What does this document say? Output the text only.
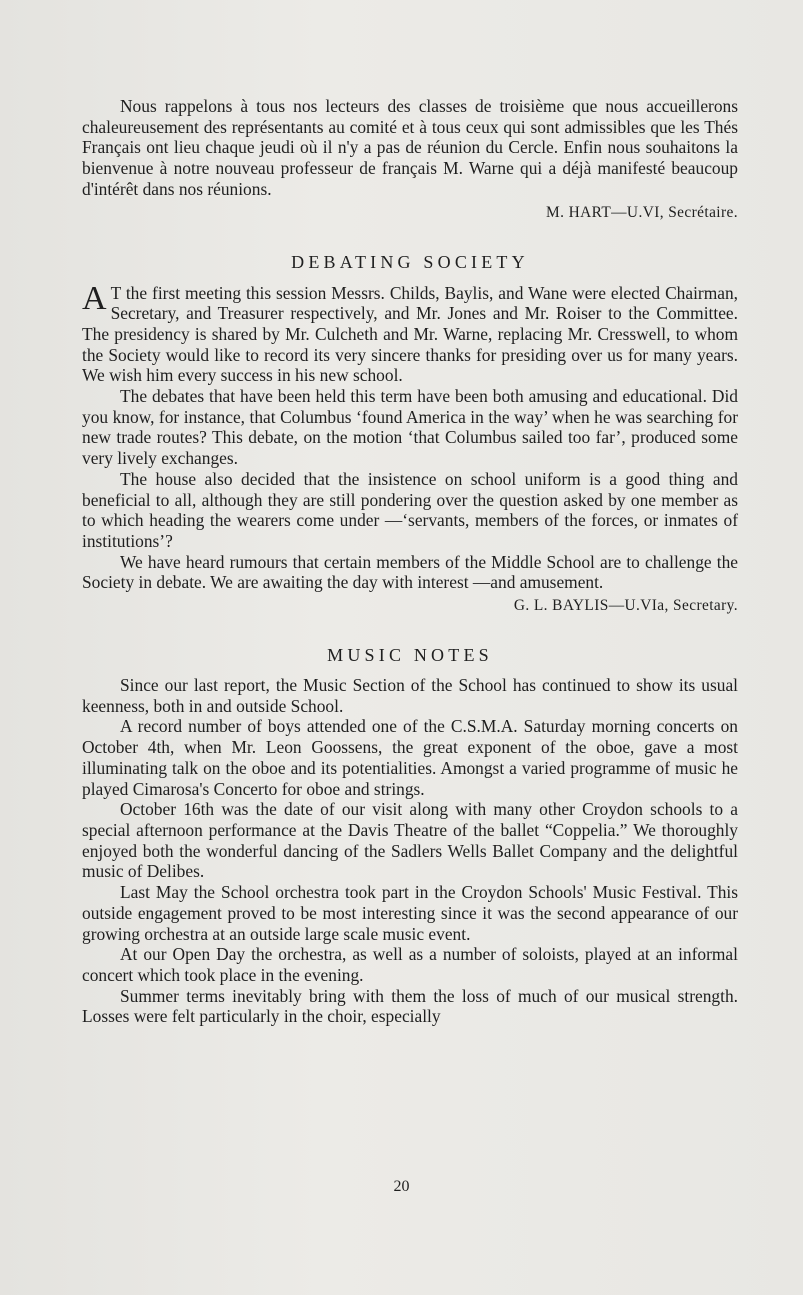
Nous rappelons à tous nos lecteurs des classes de troisième que nous accueillerons chaleureusement des représentants au comité et à tous ceux qui sont admissibles que les Thés Français ont lieu chaque jeudi où il n'y a pas de réunion du Cercle. Enfin nous souhaitons la bienvenue à notre nouveau professeur de français M. Warne qui a déjà manifesté beaucoup d'intérêt dans nos réunions.

M. HART—U.VI, Secrétaire.
DEBATING SOCIETY

A T the first meeting this session Messrs. Childs, Baylis, and Wane were elected Chairman, Secretary, and Treasurer respectively, and Mr. Jones and Mr. Roiser to the Committee. The presidency is shared by Mr. Culcheth and Mr. Warne, replacing Mr. Cresswell, to whom the Society would like to record its very sincere thanks for presiding over us for many years. We wish him every success in his new school.

The debates that have been held this term have been both amusing and educational. Did you know, for instance, that Columbus ‘found America in the way’ when he was searching for new trade routes? This debate, on the motion ‘that Columbus sailed too far’, produced some very lively exchanges.

The house also decided that the insistence on school uniform is a good thing and beneficial to all, although they are still pondering over the question asked by one member as to which heading the wearers come under —‘servants, members of the forces, or inmates of institutions’?

We have heard rumours that certain members of the Middle School are to challenge the Society in debate. We are awaiting the day with interest —and amusement.

G. L. BAYLIS—U.VIa, Secretary.
MUSIC NOTES

Since our last report, the Music Section of the School has continued to show its usual keenness, both in and outside School.

A record number of boys attended one of the C.S.M.A. Saturday morning concerts on October 4th, when Mr. Leon Goossens, the great exponent of the oboe, gave a most illuminating talk on the oboe and its potentialities. Amongst a varied programme of music he played Cimarosa's Concerto for oboe and strings.

October 16th was the date of our visit along with many other Croydon schools to a special afternoon performance at the Davis Theatre of the ballet “Coppelia.” We thoroughly enjoyed both the wonderful dancing of the Sadlers Wells Ballet Company and the delightful music of Delibes.

Last May the School orchestra took part in the Croydon Schools' Music Festival. This outside engagement proved to be most interesting since it was the second appearance of our growing orchestra at an outside large scale music event.

At our Open Day the orchestra, as well as a number of soloists, played at an informal concert which took place in the evening.

Summer terms inevitably bring with them the loss of much of our musical strength. Losses were felt particularly in the choir, especially

20
